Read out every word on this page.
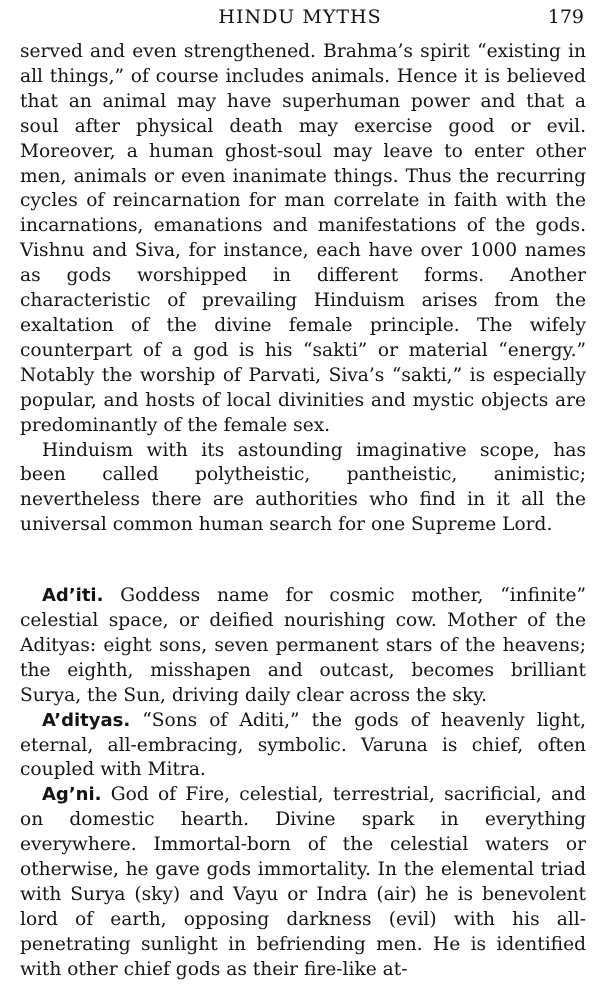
HINDU MYTHS	179

served and even strengthened. Brahma’s spirit “existing in all things,” of course includes animals. Hence it is believed that an animal may have superhuman power and that a soul after physical death may exercise good or evil. Moreover, a human ghost-soul may leave to enter other men, animals or even inanimate things. Thus the recurring cycles of reincarnation for man correlate in faith with the incarnations, emanations and manifestations of the gods. Vishnu and Siva, for instance, each have over 1000 names as gods worshipped in different forms. Another characteristic of prevailing Hinduism arises from the exaltation of the divine female principle. The wifely counterpart of a god is his “sakti” or material “energy.” Notably the worship of Parvati, Siva’s “sakti,” is especially popular, and hosts of local divinities and mystic objects are predominantly of the female sex.

Hinduism with its astounding imaginative scope, has been called polytheistic, pantheistic, animistic; nevertheless there are authorities who find in it all the universal common human search for one Supreme Lord.

Ad’iti. Goddess name for cosmic mother, “infinite” celestial space, or deified nourishing cow. Mother of the Adityas: eight sons, seven permanent stars of the heavens; the eighth, misshapen and outcast, becomes brilliant Surya, the Sun, driving daily clear across the sky.

A’dityas. “Sons of Aditi,” the gods of heavenly light, eternal, all-embracing, symbolic. Varuna is chief, often coupled with Mitra.

Ag’ni. God of Fire, celestial, terrestrial, sacrificial, and on domestic hearth. Divine spark in everything everywhere. Immortal-born of the celestial waters or otherwise, he gave gods immortality. In the elemental triad with Surya (sky) and Vayu or Indra (air) he is benevolent lord of earth, opposing darkness (evil) with his all-penetrating sunlight in befriending men. He is identified with other chief gods as their fire-like at-
